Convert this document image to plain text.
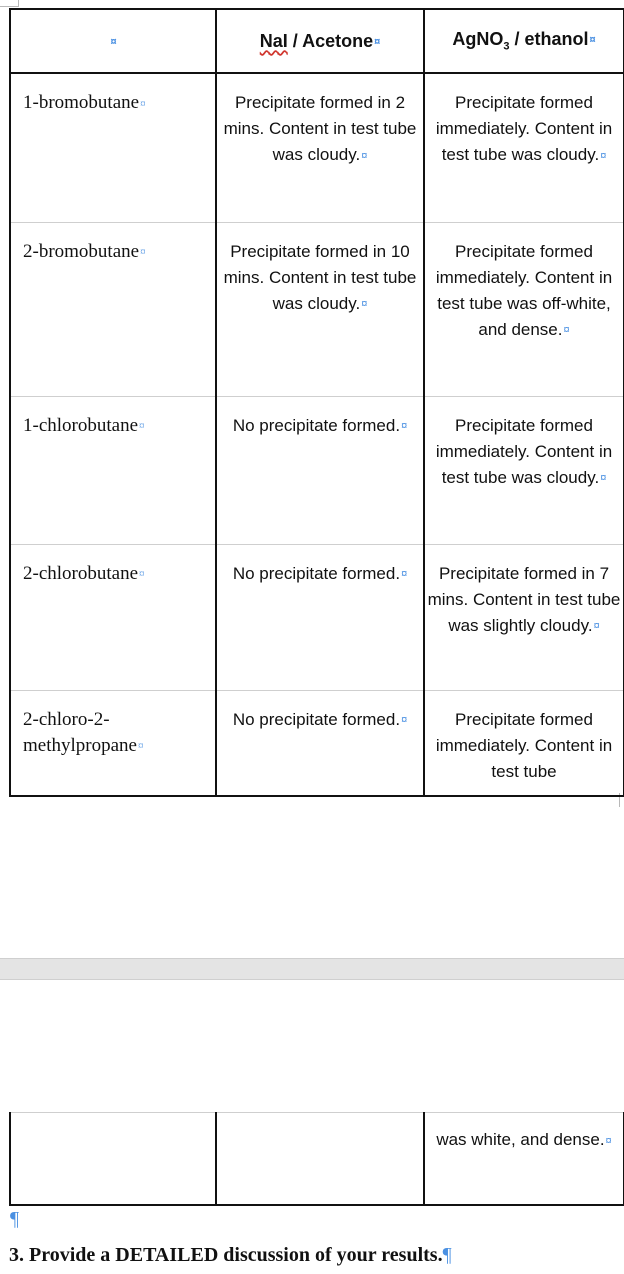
¤	NaI / Acetone¤	AgNO$_3$ / ethanol¤

1-bromobutane¤	Precipitate formed in 2 mins. Content in test tube was cloudy.¤	Precipitate formed immediately. Content in test tube was cloudy.¤

2-bromobutane¤	Precipitate formed in 10 mins. Content in test tube was cloudy.¤	Precipitate formed immediately. Content in test tube was off-white, and dense.¤

1-chlorobutane¤	No precipitate formed.¤	Precipitate formed immediately. Content in test tube was cloudy.¤

2-chlorobutane¤	No precipitate formed.¤	Precipitate formed in 7 mins. Content in test tube was slightly cloudy.¤

2-chloro-2-methylpropane¤	No precipitate formed.¤	Precipitate formed immediately. Content in test tube

was white, and dense.¤
¶
3. Provide a DETAILED discussion of your results.¶
